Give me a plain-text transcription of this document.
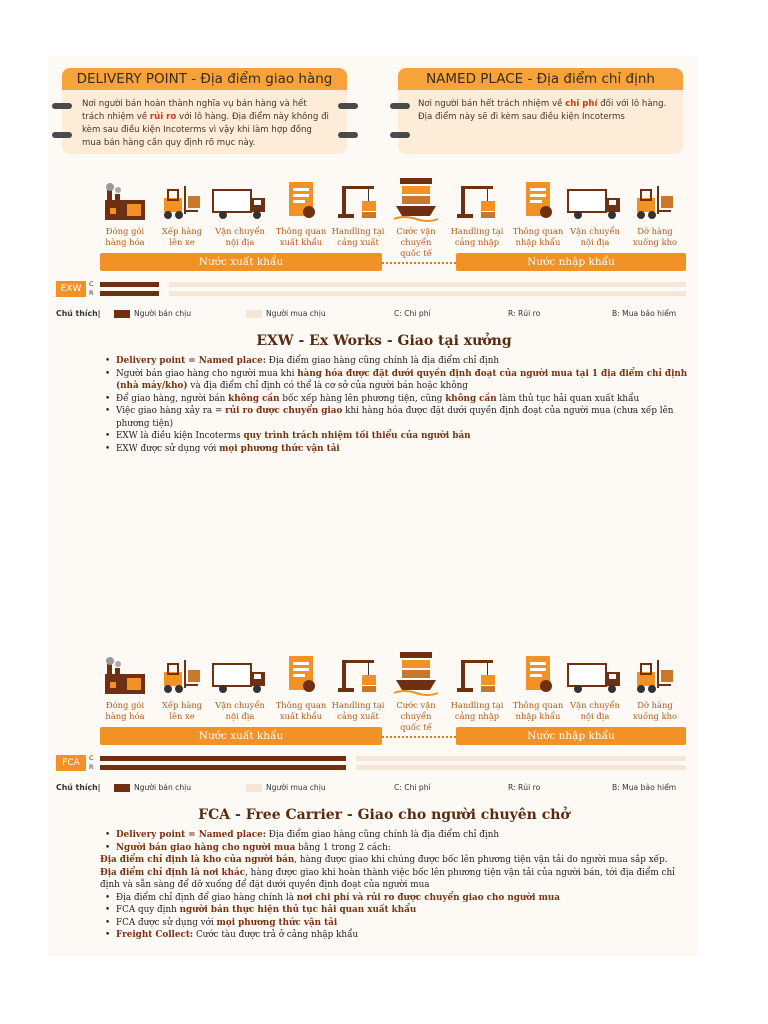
DELIVERY POINT - Địa điểm giao hàng
Nơi người bán hoàn thành nghĩa vụ bán hàng và hết trách nhiệm về rủi ro với lô hàng. Địa điểm này không đi kèm sau điều kiện Incoterms vì vậy khi làm hợp đồng mua bán hàng cần quy định rõ mục này.
NAMED PLACE - Địa điểm chỉ định
Nơi người bán hết trách nhiệm về chi phí đối với lô hàng. Địa điểm này sẽ đi kèm sau điều kiện Incoterms
Đóng gói
hàng hóa
Xếp hàng
lên xe
Vận chuyển
nội địa
Thông quan
xuất khẩu
Handling tại
cảng xuất
Cước vận
chuyển
quốc tế
Handling tại
cảng nhập
Thông quan
nhập khẩu
Vận chuyển
nội địa
Dỡ hàng
xuống kho
Nước xuất khẩu	Nước nhập khẩu
EXW	C
R
Chú thích|	Người bán chịu	Người mua chịu	C: Chi phí	R: Rủi ro	B: Mua bảo hiểm
Đóng gói
hàng hóa
Xếp hàng
lên xe
Vận chuyển
nội địa
Thông quan
xuất khẩu
Handling tại
cảng xuất
Cước vận
chuyển
quốc tế
Handling tại
cảng nhập
Thông quan
nhập khẩu
Vận chuyển
nội địa
Dỡ hàng
xuống kho
Nước xuất khẩu	Nước nhập khẩu
FCA	C
R
Chú thích|	Người bán chịu	Người mua chịu	C: Chi phí	R: Rủi ro	B: Mua bảo hiểm
EXW - Ex Works - Giao tại xưởng
• Delivery point = Named place: Địa điểm giao hàng cũng chính là địa điểm chỉ định
• Người bán giao hàng cho người mua khi hàng hóa được đặt dưới quyền định đoạt của người mua tại 1 địa điểm chỉ định (nhà máy/kho) và địa điểm chỉ định có thể là cơ sở của người bán hoặc không
• Để giao hàng, người bán không cần bốc xếp hàng lên phương tiện, cũng không cần làm thủ tục hải quan xuất khẩu
• Việc giao hàng xảy ra = rủi ro được chuyển giao khi hàng hóa được đặt dưới quyền định đoạt của người mua (chưa xếp lên phương tiện)
• EXW là điều kiện Incoterms quy trình trách nhiệm tối thiểu của người bán
• EXW được sử dụng với mọi phương thức vận tải
FCA - Free Carrier - Giao cho người chuyên chở
• Delivery point = Named place: Địa điểm giao hàng cũng chính là địa điểm chỉ định
• Người bán giao hàng cho người mua bằng 1 trong 2 cách:
Địa điểm chỉ định là kho của người bán, hàng được giao khi chúng được bốc lên phương tiện vận tải do người mua sắp xếp.
Địa điểm chỉ định là nơi khác, hàng được giao khi hoàn thành việc bốc lên phương tiện vận tải của người bán, tới địa điểm chỉ định và sẵn sàng để dỡ xuống để đặt dưới quyền định đoạt của người mua
• Địa điểm chỉ định để giao hàng chính là nơi chi phí và rủi ro được chuyển giao cho người mua
• FCA quy định người bán thực hiện thủ tục hải quan xuất khẩu
• FCA được sử dụng với mọi phương thức vận tải
• Freight Collect: Cước tàu được trả ở cảng nhập khẩu
